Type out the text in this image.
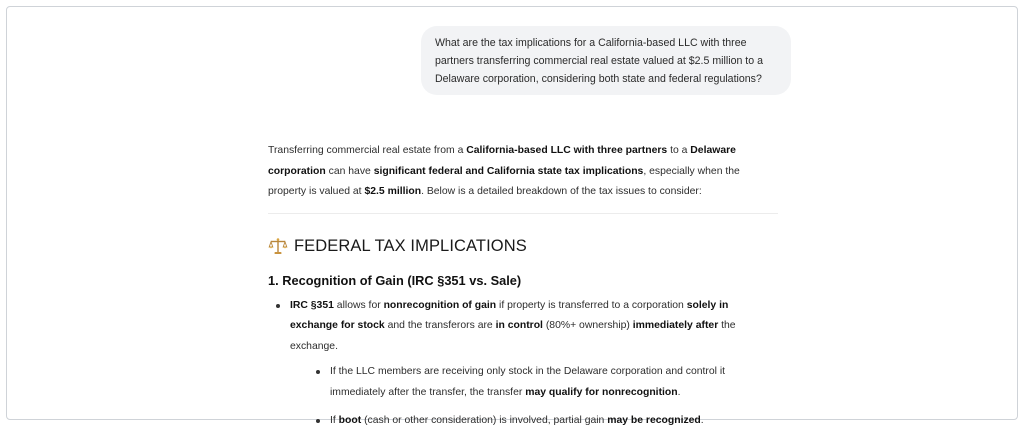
What are the tax implications for a California-based LLC with three partners transferring commercial real estate valued at $2.5 million to a Delaware corporation, considering both state and federal regulations?

Transferring commercial real estate from a California-based LLC with three partners to a Delaware corporation can have significant federal and California state tax implications, especially when the property is valued at $2.5 million. Below is a detailed breakdown of the tax issues to consider:

FEDERAL TAX IMPLICATIONS
1. Recognition of Gain (IRC §351 vs. Sale)
IRC §351 allows for nonrecognition of gain if property is transferred to a corporation solely in exchange for stock and the transferors are in control (80%+ ownership) immediately after the exchange.
If the LLC members are receiving only stock in the Delaware corporation and control it immediately after the transfer, the transfer may qualify for nonrecognition.
If boot (cash or other consideration) is involved, partial gain may be recognized.
